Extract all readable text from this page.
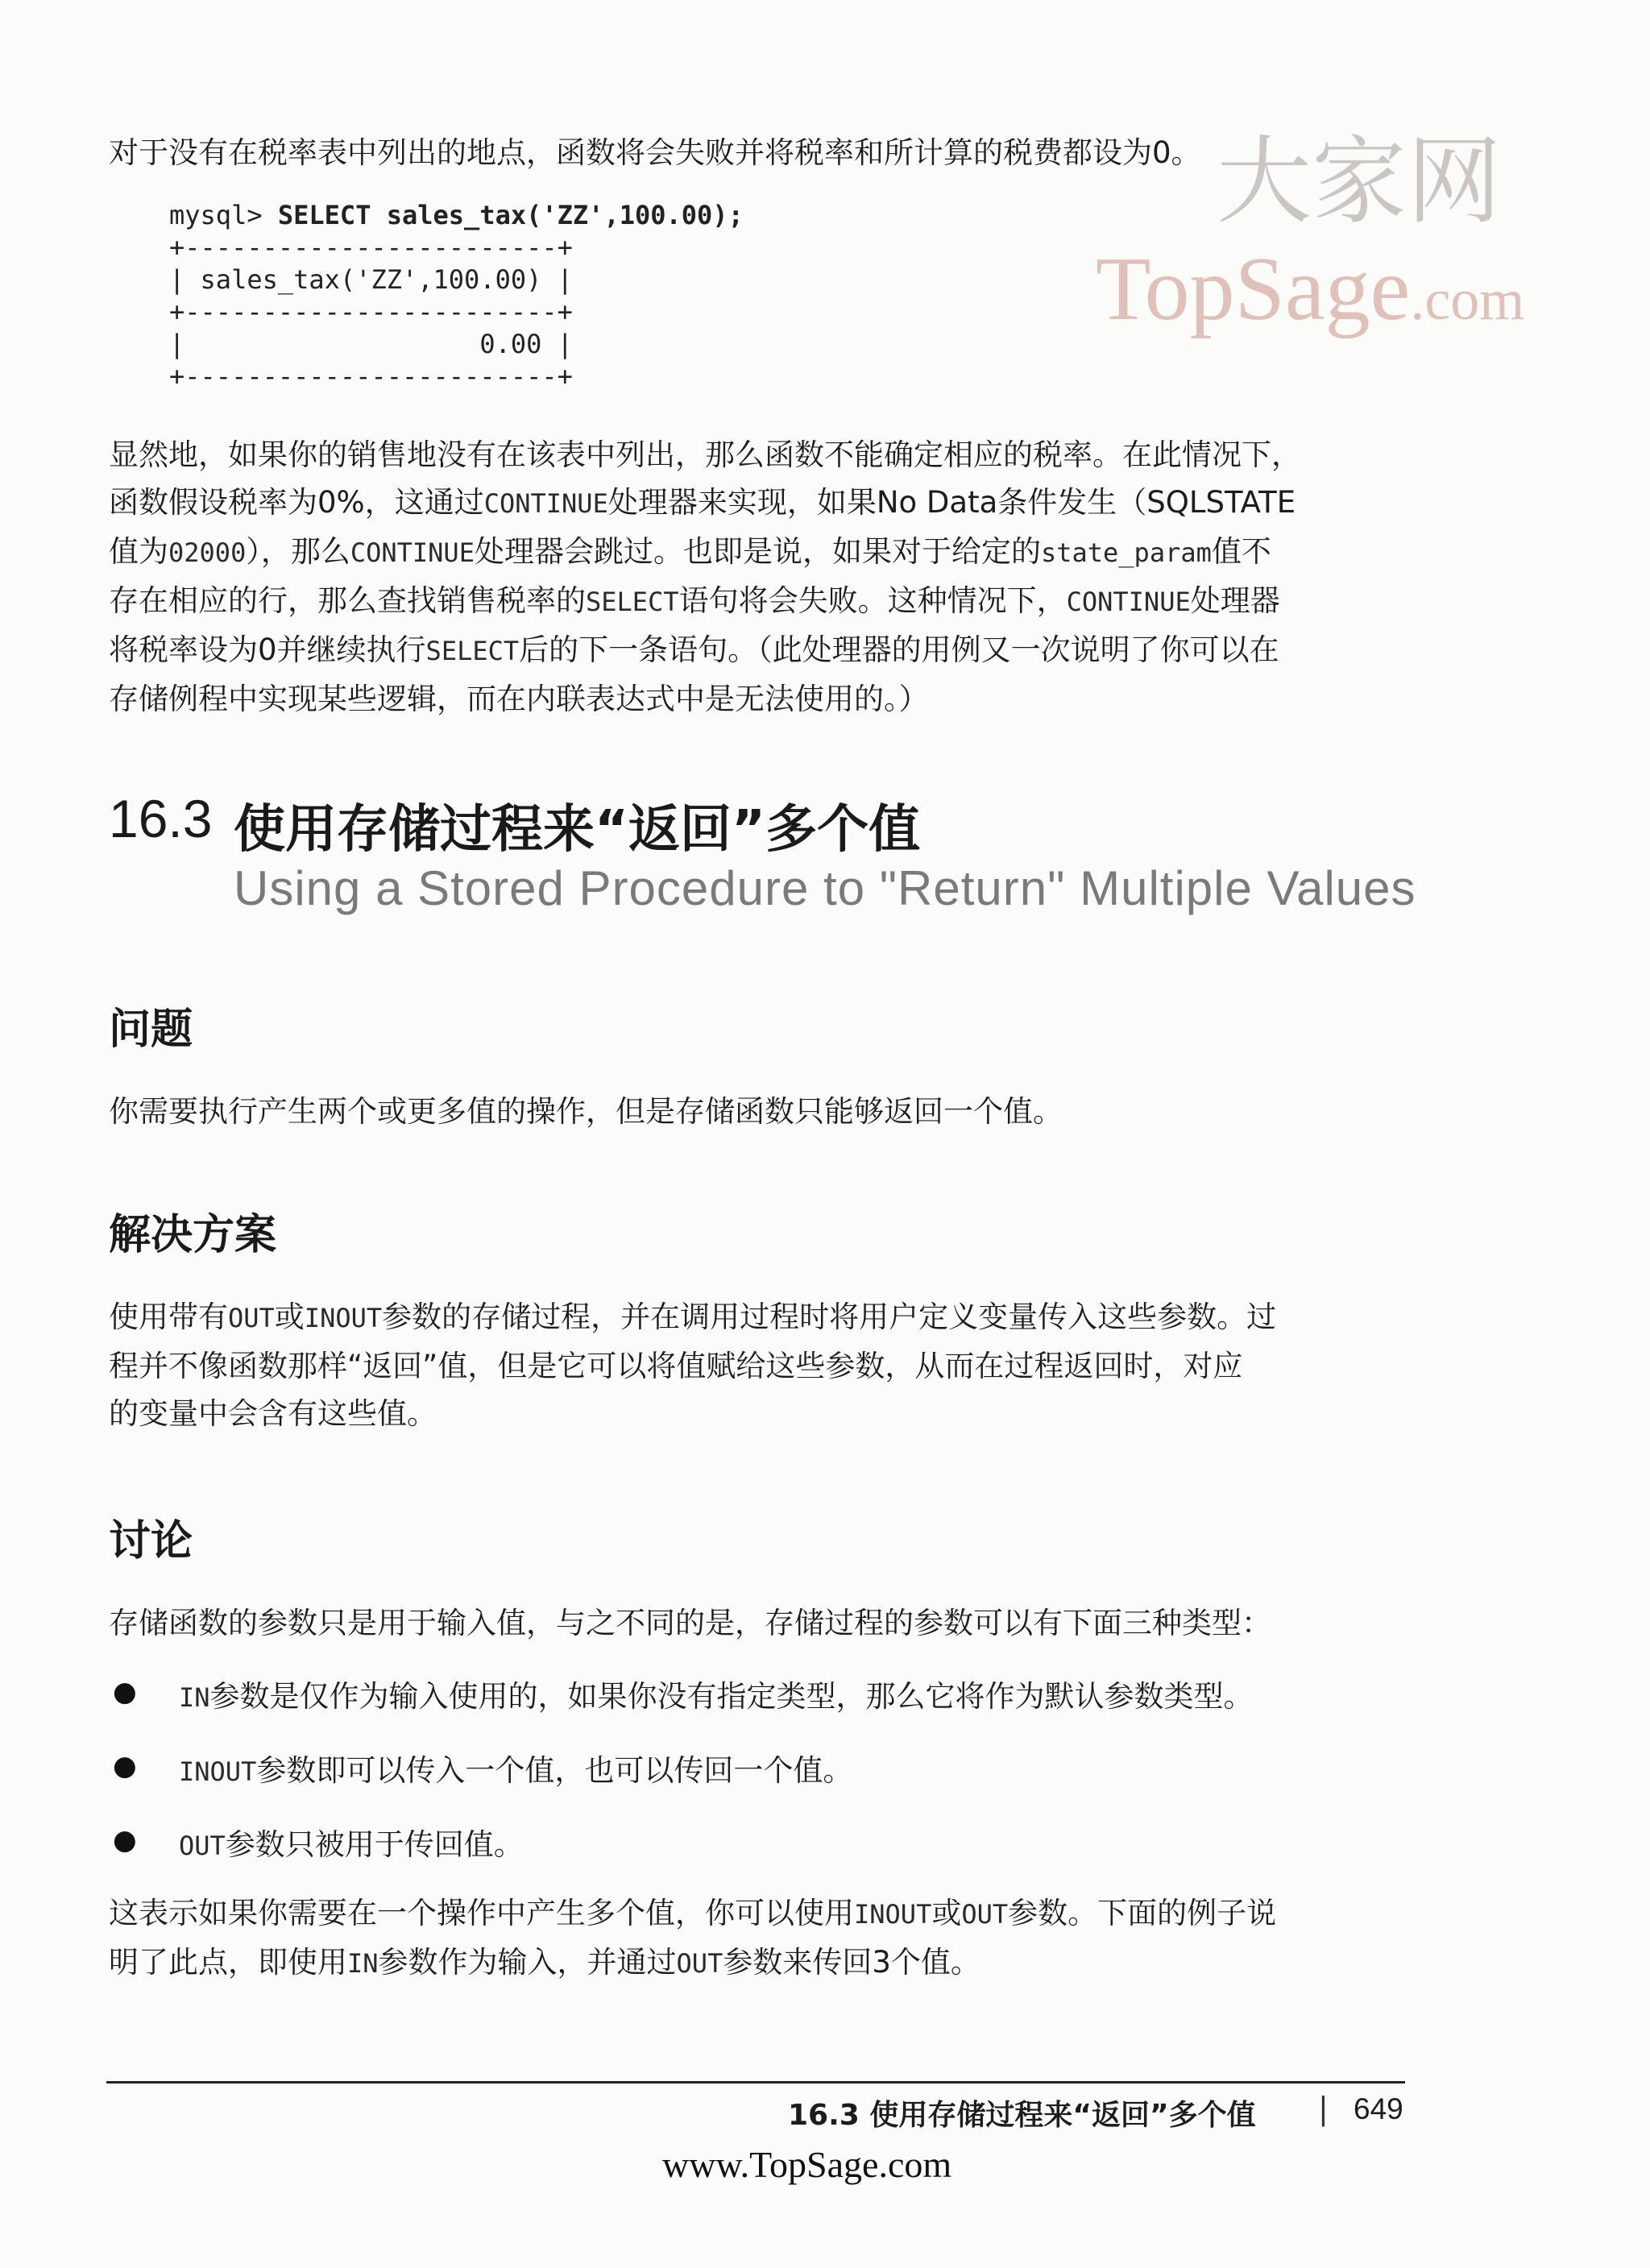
大家网
TopSage.com

对于没有在税率表中列出的地点，函数将会失败并将税率和所计算的税费都设为0。

mysql> SELECT sales_tax('ZZ',100.00);
+------------------------+
| sales_tax('ZZ',100.00) |
+------------------------+
|                   0.00 |
+------------------------+

显然地，如果你的销售地没有在该表中列出，那么函数不能确定相应的税率。在此情况下，

函数假设税率为0%，这通过CONTINUE处理器来实现，如果No Data条件发生（SQLSTATE

值为02000），那么CONTINUE处理器会跳过。也即是说，如果对于给定的state_param值不

存在相应的行，那么查找销售税率的SELECT语句将会失败。这种情况下，CONTINUE处理器

将税率设为0并继续执行SELECT后的下一条语句。（此处理器的用例又一次说明了你可以在

存储例程中实现某些逻辑，而在内联表达式中是无法使用的。）

16.3 使用存储过程来“返回”多个值
Using a Stored Procedure to "Return" Multiple Values
问题

你需要执行产生两个或更多值的操作，但是存储函数只能够返回一个值。

解决方案

使用带有OUT或INOUT参数的存储过程，并在调用过程时将用户定义变量传入这些参数。过

程并不像函数那样“返回”值，但是它可以将值赋给这些参数，从而在过程返回时，对应

的变量中会含有这些值。

讨论

存储函数的参数只是用于输入值，与之不同的是，存储过程的参数可以有下面三种类型：

● IN参数是仅作为输入使用的，如果你没有指定类型，那么它将作为默认参数类型。
● INOUT参数即可以传入一个值，也可以传回一个值。
● OUT参数只被用于传回值。

这表示如果你需要在一个操作中产生多个值，你可以使用INOUT或OUT参数。下面的例子说

明了此点，即使用IN参数作为输入，并通过OUT参数来传回3个值。

16.3 使用存储过程来“返回”多个值 | 649
www.TopSage.com
